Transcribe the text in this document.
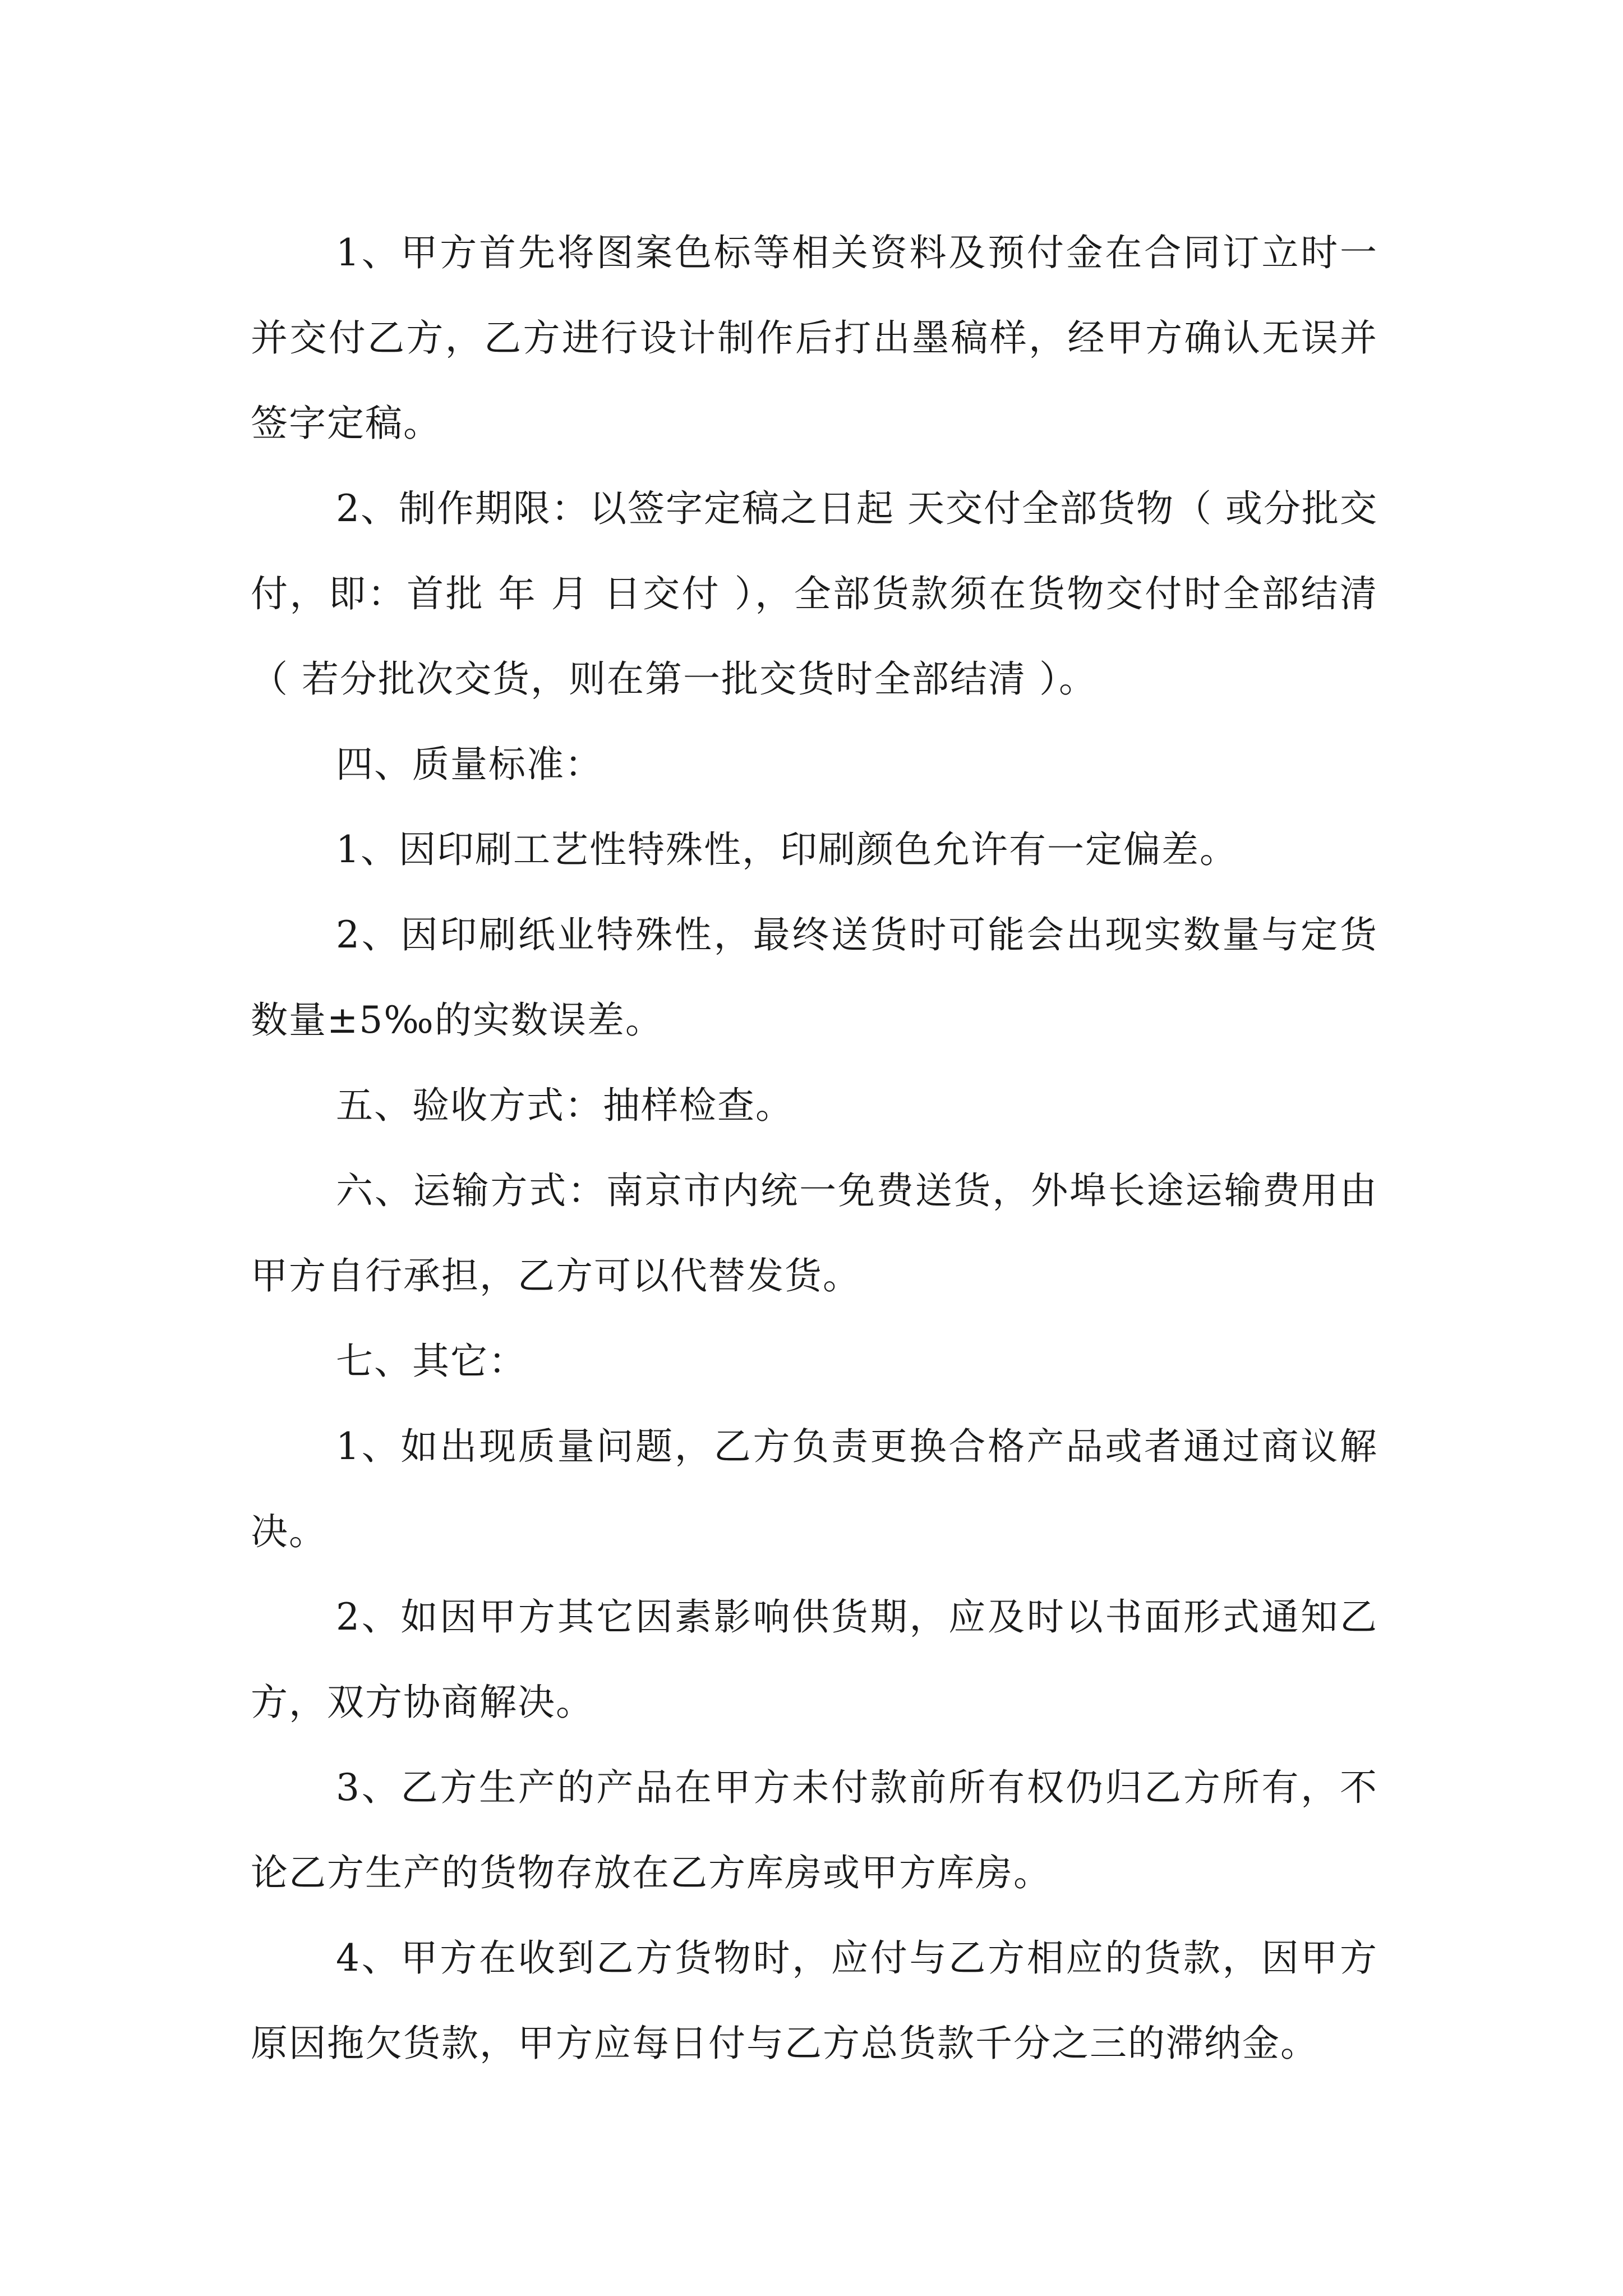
1、甲方首先将图案色标等相关资料及预付金在合同订立时一并交付乙方，乙方进行设计制作后打出墨稿样，经甲方确认无误并签字定稿。

2、制作期限：以签字定稿之日起 天交付全部货物（ 或分批交付，即：首批 年 月 日交付 ），全部货款须在货物交付时全部结清（ 若分批次交货，则在第一批交货时全部结清 ）。

四、质量标准：

1、因印刷工艺性特殊性，印刷颜色允许有一定偏差。

2、因印刷纸业特殊性，最终送货时可能会出现实数量与定货数量±5‰的实数误差。

五、验收方式：抽样检查。

六、运输方式：南京市内统一免费送货，外埠长途运输费用由甲方自行承担，乙方可以代替发货。

七、其它：

1、如出现质量问题，乙方负责更换合格产品或者通过商议解决。

2、如因甲方其它因素影响供货期，应及时以书面形式通知乙方，双方协商解决。

3、乙方生产的产品在甲方未付款前所有权仍归乙方所有，不论乙方生产的货物存放在乙方库房或甲方库房。

4、甲方在收到乙方货物时，应付与乙方相应的货款，因甲方原因拖欠货款，甲方应每日付与乙方总货款千分之三的滞纳金。
